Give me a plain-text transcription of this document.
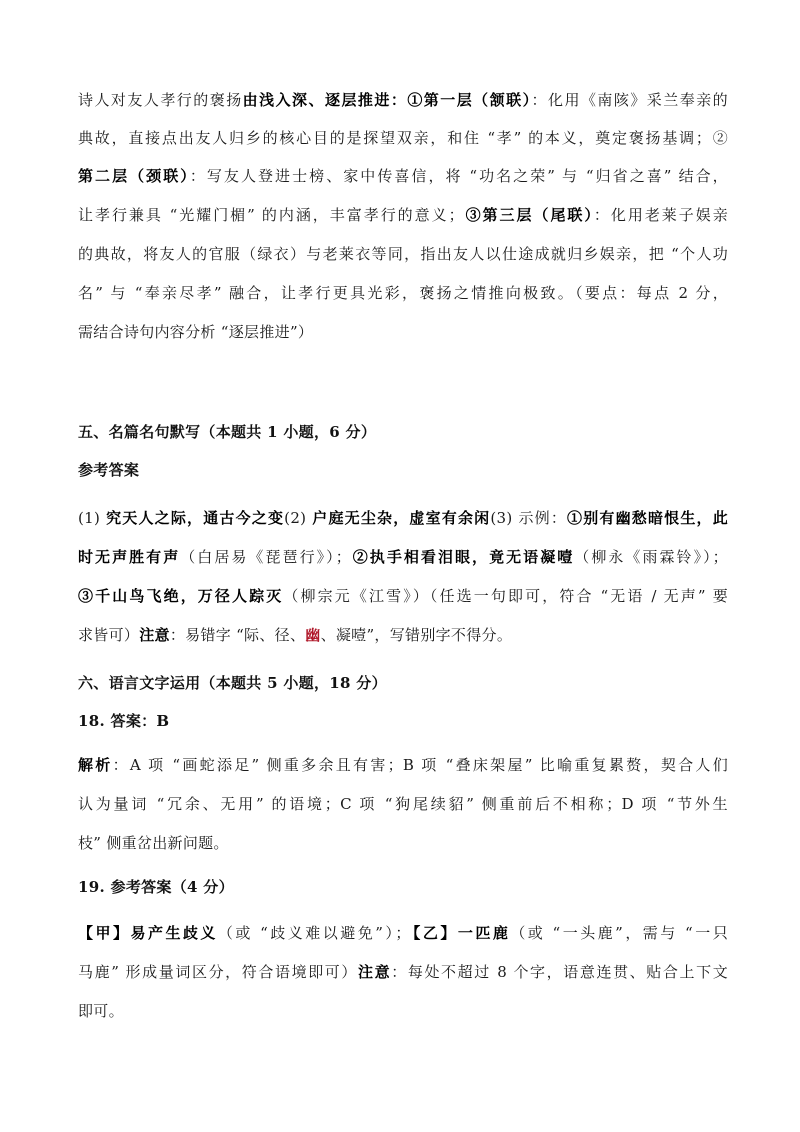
诗人对友人孝行的褒扬由浅入深、逐层推进：①第一层（颔联）：化用《南陔》采兰奉亲的
典故，直接点出友人归乡的核心目的是探望双亲，和住 “孝” 的本义，奠定褒扬基调；②
第二层（颈联）：写友人登进士榜、家中传喜信，将 “功名之荣” 与 “归省之喜” 结合，
让孝行兼具 “光耀门楣” 的内涵，丰富孝行的意义；③第三层（尾联）：化用老莱子娱亲
的典故，将友人的官服（绿衣）与老莱衣等同，指出友人以仕途成就归乡娱亲，把 “个人功
名” 与 “奉亲尽孝” 融合，让孝行更具光彩，褒扬之情推向极致。（要点：每点 2 分，
需结合诗句内容分析 “逐层推进”）
五、名篇名句默写（本题共 1 小题，6 分）
参考答案
(1) 究天人之际，通古今之变(2) 户庭无尘杂，虚室有余闲(3) 示例：①别有幽愁暗恨生，此
时无声胜有声（白居易《琵琶行》）；②执手相看泪眼，竟无语凝噎（柳永《雨霖铃》）；
③千山鸟飞绝，万径人踪灭（柳宗元《江雪》）（任选一句即可，符合 “无语 / 无声” 要
求皆可）注意：易错字 “际、径、幽、凝噎”，写错别字不得分。
六、语言文字运用（本题共 5 小题，18 分）
18. 答案：B
解析：A 项 “画蛇添足” 侧重多余且有害；B 项 “叠床架屋” 比喻重复累赘，契合人们
认为量词 “冗余、无用” 的语境；C 项 “狗尾续貂” 侧重前后不相称；D 项 “节外生
枝” 侧重岔出新问题。
19. 参考答案（4 分）
【甲】易产生歧义（或 “歧义难以避免”）；【乙】一匹鹿（或 “一头鹿”，需与 “一只
马鹿” 形成量词区分，符合语境即可）注意：每处不超过 8 个字，语意连贯、贴合上下文
即可。
